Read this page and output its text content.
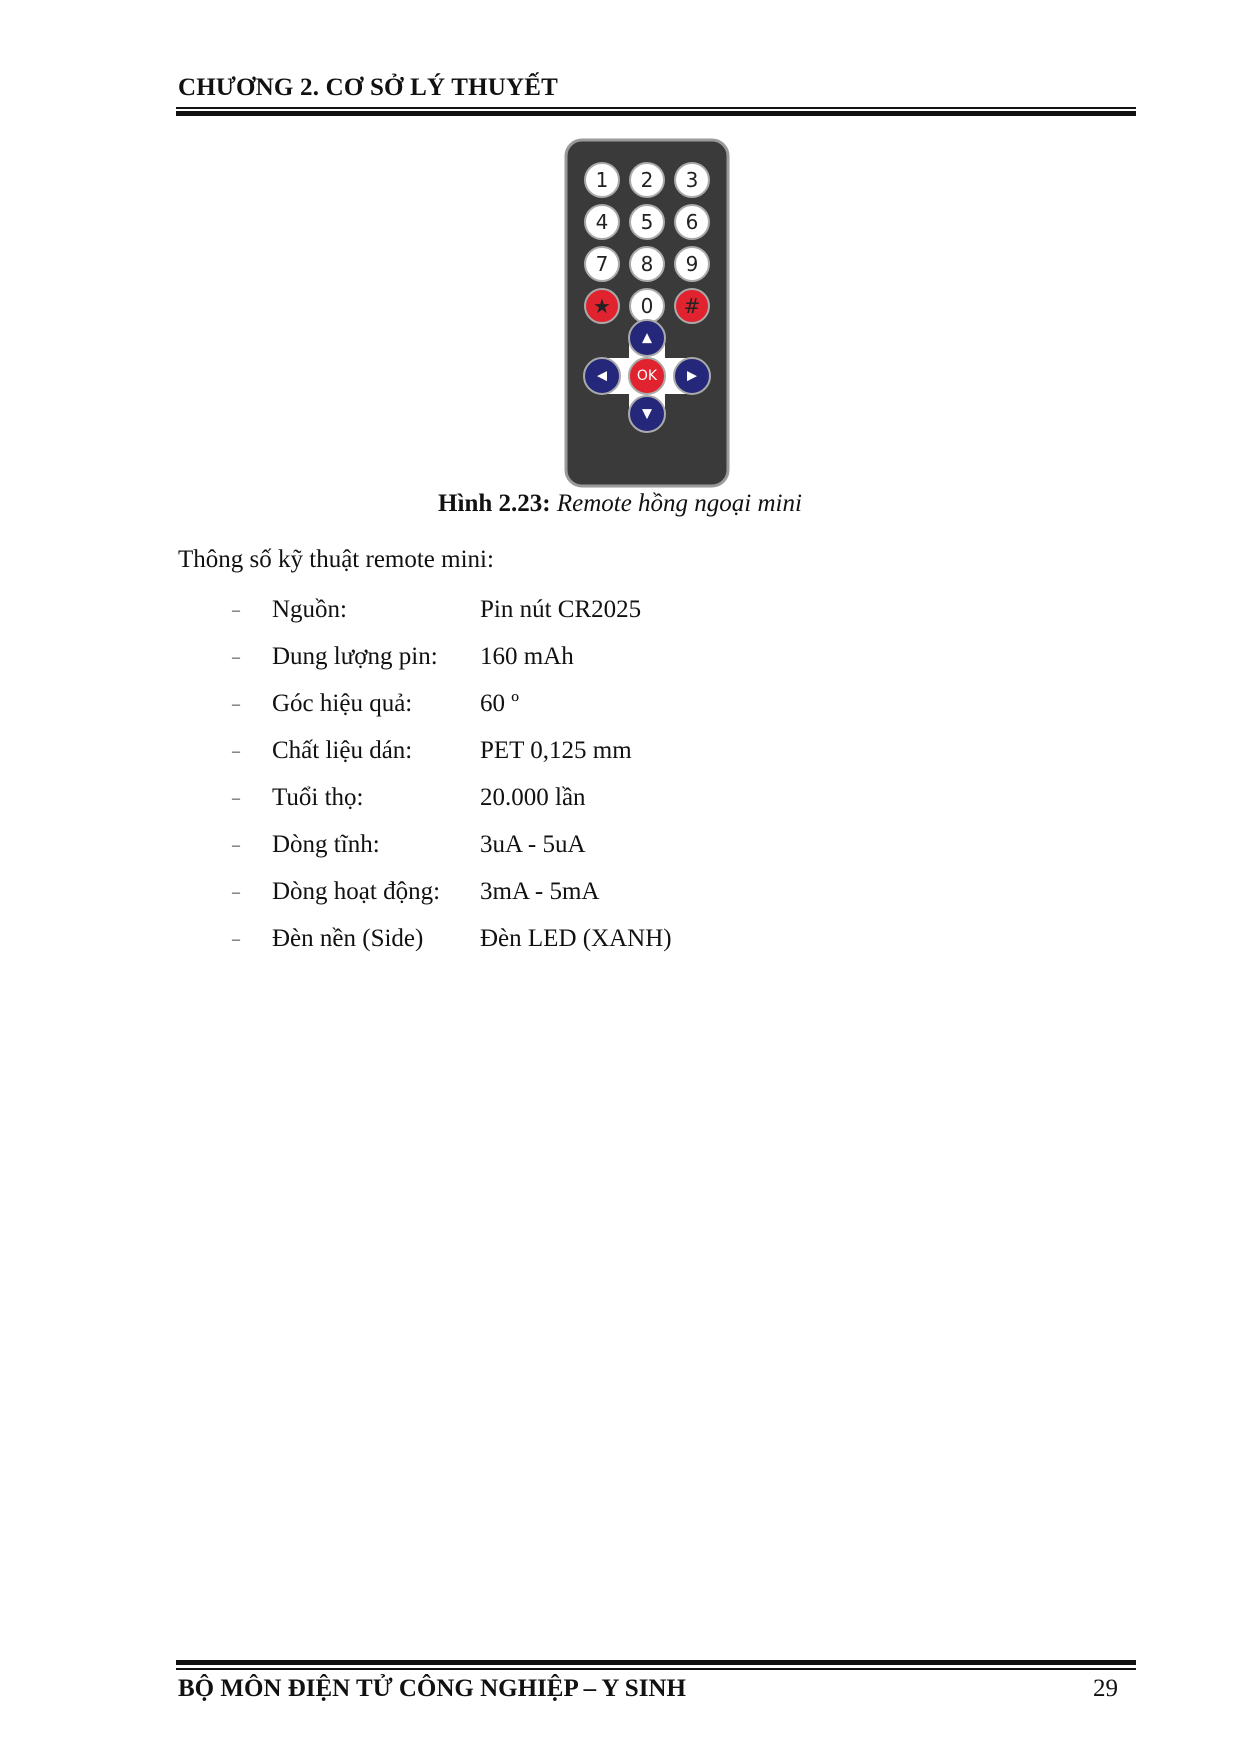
CHƯƠNG 2. CƠ SỞ LÝ THUYẾT
1 2 3
4 5 6
7 8 9
★ 0 #
▲
◀ OK ▶
▼
Hình 2.23: Remote hồng ngoại mini
Thông số kỹ thuật remote mini:
–	Nguồn:	Pin nút CR2025
–	Dung lượng pin:	160 mAh
–	Góc hiệu quả:	60 º
–	Chất liệu dán:	PET 0,125 mm
–	Tuổi thọ:	20.000 lần
–	Dòng tĩnh:	3uA - 5uA
–	Dòng hoạt động:	3mA - 5mA
–	Đèn nền (Side)	Đèn LED (XANH)
BỘ MÔN ĐIỆN TỬ CÔNG NGHIỆP – Y SINH	29
